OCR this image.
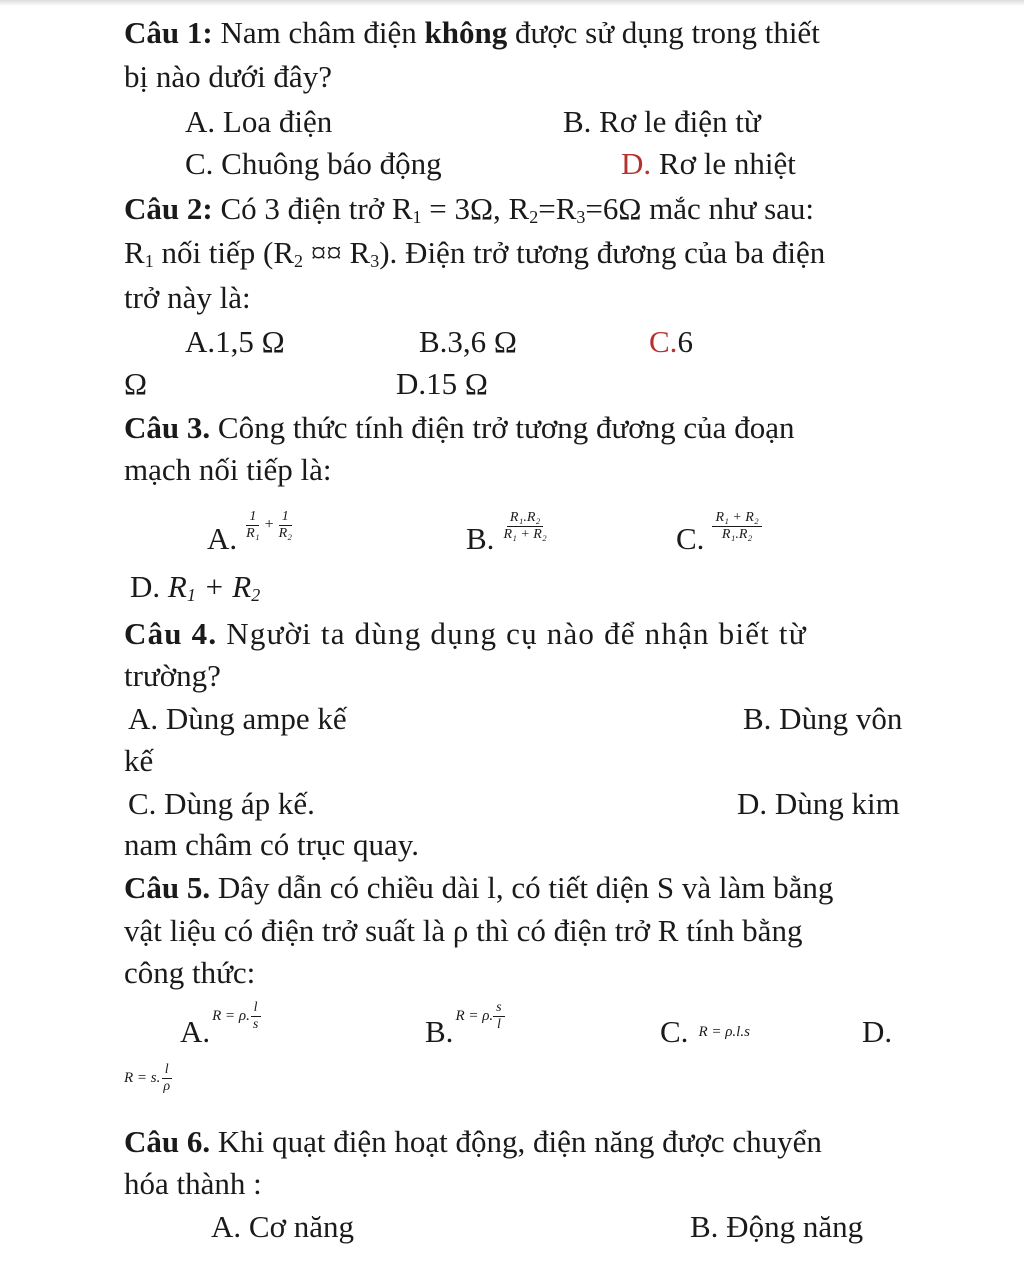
Câu 1: Nam châm điện không được sử dụng trong thiết
bị nào dưới đây?
A. Loa điện	B. Rơ le điện từ
C. Chuông báo động	D. Rơ le nhiệt
Câu 2: Có 3 điện trở $R_1 = 3\Omega$, $R_2=R_3=6\Omega$ mắc như sau:
$R_1$ nối tiếp ($R_2$ ¤¤ $R_3$). Điện trở tương đương của ba điện
trở này là:
A.1,5 Ω	B.3,6 Ω	C.6
Ω	D.15 Ω
Câu 3. Công thức tính điện trở tương đương của đoạn
mạch nối tiếp là:
A. $\frac{1}{\text{R₁}} + \frac{1}{\text{R₂}}$	B. $\frac{\text{R₁.R₂}}{\text{R₁ + R₂}}$	C. $\frac{\text{R₁ + R₂}}{\text{R₁.R₂}}$
D. R1 + R2
Câu 4. Người ta dùng dụng cụ nào để nhận biết từ
trường?
A. Dùng ampe kế	B. Dùng vôn
kế
C. Dùng áp kế.	D. Dùng kim
nam châm có trục quay.
Câu 5. Dây dẫn có chiều dài l, có tiết diện S và làm bằng
vật liệu có điện trở suất là ρ thì có điện trở R tính bằng
công thức:
A. R = ρ. $\frac{l}{s}$	B. R = ρ. $\frac{s}{l}$	C. R = ρ.l.s	D.
R = s. $\frac{l}{\rho}$
Câu 6. Khi quạt điện hoạt động, điện năng được chuyển
hóa thành :
A. Cơ năng	B. Động năng
